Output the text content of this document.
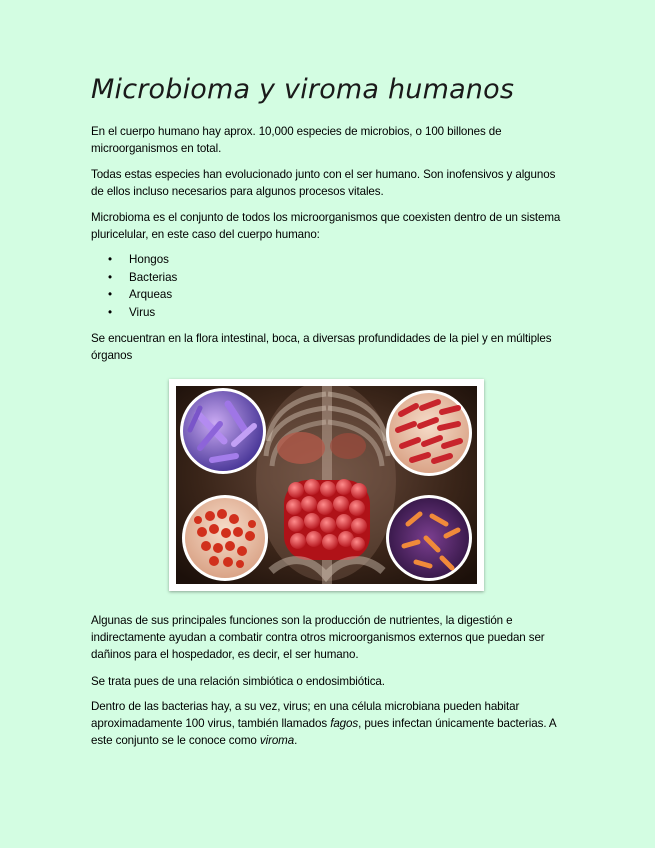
Microbioma y viroma humanos
En el cuerpo humano hay aprox. 10,000 especies de microbios, o 100 billones de microorganismos en total.
Todas estas especies han evolucionado junto con el ser humano. Son inofensivos y algunos de ellos incluso necesarios para algunos procesos vitales.
Microbioma es el conjunto de todos los microorganismos que coexisten dentro de un sistema pluricelular, en este caso del cuerpo humano:
• Hongos
• Bacterias
• Arqueas
• Virus
Se encuentran en la flora intestinal, boca, a diversas profundidades de la piel y en múltiples órganos
Algunas de sus principales funciones son la producción de nutrientes, la digestión e indirectamente ayudan a combatir contra otros microorganismos externos que puedan ser dañinos para el hospedador, es decir, el ser humano.
Se trata pues de una relación simbiótica o endosimbiótica.
Dentro de las bacterias hay, a su vez, virus; en una célula microbiana pueden habitar aproximadamente 100 virus, también llamados fagos, pues infectan únicamente bacterias. A este conjunto se le conoce como viroma.
